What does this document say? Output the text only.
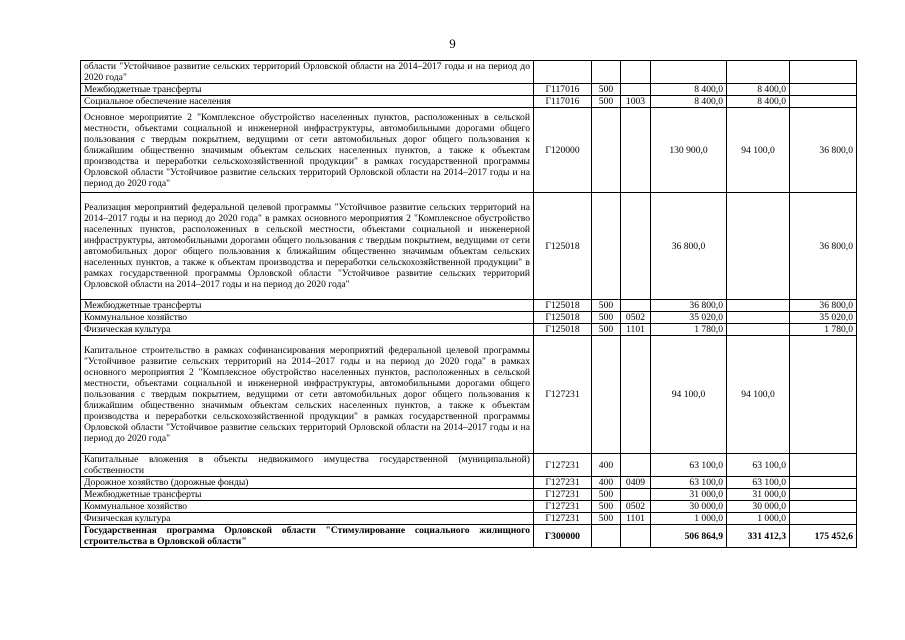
9
области "Устойчивое развитие сельских территорий Орловской области на 2014–2017 годы и на период до 2020 года"						
Межбюджетные трансферты	Г117016	500		8 400,0	8 400,0	
Социальное обеспечение населения	Г117016	500	1003	8 400,0	8 400,0	
Основное мероприятие 2 "Комплексное обустройство населенных пунктов, расположенных в сельской местности, объектами социальной и инженерной инфраструктуры, автомобильными дорогами общего пользования с твердым покрытием, ведущими от сети автомобильных дорог общего пользования к ближайшим общественно значимым объектам сельских населенных пунктов, а также к объектам производства и переработки сельскохозяйственной продукции" в рамках государственной программы Орловской области "Устойчивое развитие сельских территорий Орловской области на 2014–2017 годы и на период до 2020 года"	Г120000			130 900,0	94 100,0	36 800,0
Реализация мероприятий федеральной целевой программы "Устойчивое развитие сельских территорий на 2014–2017 годы и на период до 2020 года" в рамках основного мероприятия 2 "Комплексное обустройство населенных пунктов, расположенных в сельской местности, объектами социальной и инженерной инфраструктуры, автомобильными дорогами общего пользования с твердым покрытием, ведущими от сети автомобильных дорог общего пользования к ближайшим общественно значимым объектам сельских населенных пунктов, а также к объектам производства и переработки сельскохозяйственной продукции" в рамках государственной программы Орловской области "Устойчивое развитие сельских территорий Орловской области на 2014–2017 годы и на период до 2020 года"	Г125018			36 800,0		36 800,0
Межбюджетные трансферты	Г125018	500		36 800,0		36 800,0
Коммунальное хозяйство	Г125018	500	0502	35 020,0		35 020,0
Физическая культура	Г125018	500	1101	1 780,0		1 780,0
Капитальное строительство в рамках софинансирования мероприятий федеральной целевой программы "Устойчивое развитие сельских территорий на 2014–2017 годы и на период до 2020 года" в рамках основного мероприятия 2 "Комплексное обустройство населенных пунктов, расположенных в сельской местности, объектами социальной и инженерной инфраструктуры, автомобильными дорогами общего пользования с твердым покрытием, ведущими от сети автомобильных дорог общего пользования к ближайшим общественно значимым объектам сельских населенных пунктов, а также к объектам производства и переработки сельскохозяйственной продукции" в рамках государственной программы Орловской области "Устойчивое развитие сельских территорий Орловской области на 2014–2017 годы и на период до 2020 года"	Г127231			94 100,0	94 100,0	
Капитальные вложения в объекты недвижимого имущества государственной (муниципальной) собственности	Г127231	400		63 100,0	63 100,0	
Дорожное хозяйство (дорожные фонды)	Г127231	400	0409	63 100,0	63 100,0	
Межбюджетные трансферты	Г127231	500		31 000,0	31 000,0	
Коммунальное хозяйство	Г127231	500	0502	30 000,0	30 000,0	
Физическая культура	Г127231	500	1101	1 000,0	1 000,0	
Государственная программа Орловской области "Стимулирование социального жилищного строительства в Орловской области"	Г300000			506 864,9	331 412,3	175 452,6
